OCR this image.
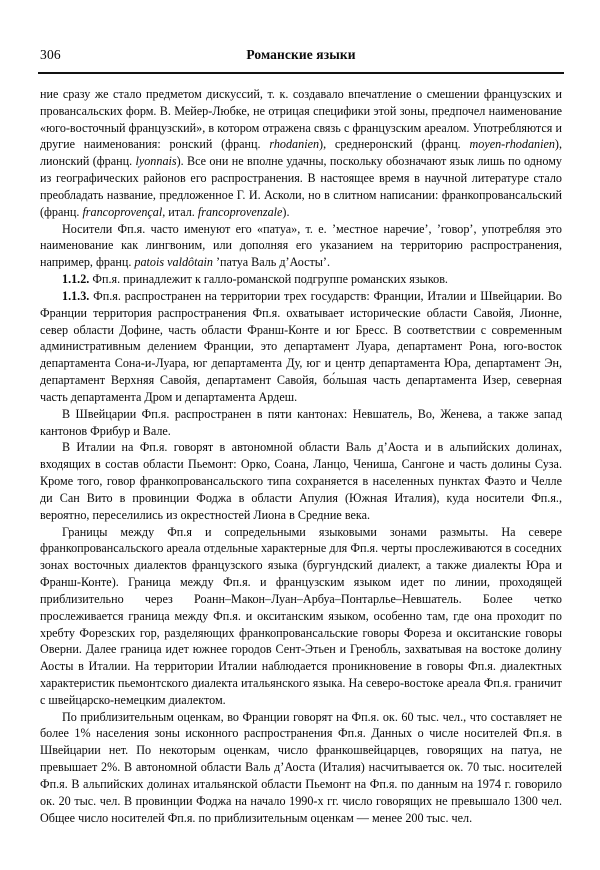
306	Романские языки

ние сразу же стало предметом дискуссий, т. к. создавало впечатление о смешении французских и провансальских форм. В. Мейер-Любке, не отрицая специфики этой зоны, предпочел наименование «юго-восточный французский», в котором отражена связь с французским ареалом. Употребляются и другие наименования: ронский (франц. rhodanien), среднеронский (франц. moyen-rhodanien), лионский (франц. lyonnais). Все они не вполне удачны, поскольку обозначают язык лишь по одному из географических районов его распространения. В настоящее время в научной литературе стало преобладать название, предложенное Г. И. Асколи, но в слитном написании: франкопровансальский (франц. francoprovençal, итал. francoprovenzale).

Носители Фп.я. часто именуют его «патуа», т. е. ʼместное наречиеʼ, ʼговорʼ, употребляя это наименование как лингвоним, или дополняя его указанием на территорию распространения, например, франц. patois valdôtain ʼпатуа Валь дʼАостыʼ.

1.1.2. Фп.я. принадлежит к галло-романской подгруппе романских языков.

1.1.3. Фп.я. распространен на территории трех государств: Франции, Италии и Швейцарии. Во Франции территория распространения Фп.я. охватывает исторические области Савойя, Лионне, север области Дофине, часть области Франш-Конте и юг Бресс. В соответствии с современным административным делением Франции, это департамент Луара, департамент Рона, юго-восток департамента Сона-и-Луара, юг департамента Ду, юг и центр департамента Юра, департамент Эн, департамент Верхняя Савойя, департамент Савойя, бо́льшая часть департамента Изер, северная часть департамента Дром и департамента Ардеш.

В Швейцарии Фп.я. распространен в пяти кантонах: Невшатель, Во, Женева, а также запад кантонов Фрибур и Вале.

В Италии на Фп.я. говорят в автономной области Валь дʼАоста и в альпийских долинах, входящих в состав области Пьемонт: Орко, Соана, Ланцо, Чениша, Сангоне и часть долины Суза. Кроме того, говор франкопровансальского типа сохраняется в населенных пунктах Фаэто и Челле ди Сан Вито в провинции Фоджа в области Апулия (Южная Италия), куда носители Фп.я., вероятно, переселились из окрестностей Лиона в Средние века.

Границы между Фп.я и сопредельными языковыми зонами размыты. На севере франкопровансальского ареала отдельные характерные для Фп.я. черты прослеживаются в соседних зонах восточных диалектов французского языка (бургундский диалект, а также диалекты Юра и Франш-Конте). Граница между Фп.я. и французским языком идет по линии, проходящей приблизительно через Роанн–Макон–Луан–Арбуа–Понтарлье–Невшатель. Более четко прослеживается граница между Фп.я. и окситанским языком, особенно там, где она проходит по хребту Форезских гор, разделяющих франкопровансальские говоры Фореза и окситанские говоры Оверни. Далее граница идет южнее городов Сент-Этьен и Гренобль, захватывая на востоке долину Аосты в Италии. На территории Италии наблюдается проникновение в говоры Фп.я. диалектных характеристик пьемонтского диалекта итальянского языка. На северо-востоке ареала Фп.я. граничит с швейцарско-немецким диалектом.

По приблизительным оценкам, во Франции говорят на Фп.я. ок. 60 тыс. чел., что составляет не более 1% населения зоны исконного распространения Фп.я. Данных о числе носителей Фп.я. в Швейцарии нет. По некоторым оценкам, число франкошвейцарцев, говорящих на патуа, не превышает 2%. В автономной области Валь дʼАоста (Италия) насчитывается ок. 70 тыс. носителей Фп.я. В альпийских долинах итальянской области Пьемонт на Фп.я. по данным на 1974 г. говорило ок. 20 тыс. чел. В провинции Фоджа на начало 1990-х гг. число говорящих не превышало 1300 чел. Общее число носителей Фп.я. по приблизительным оценкам — менее 200 тыс. чел.
